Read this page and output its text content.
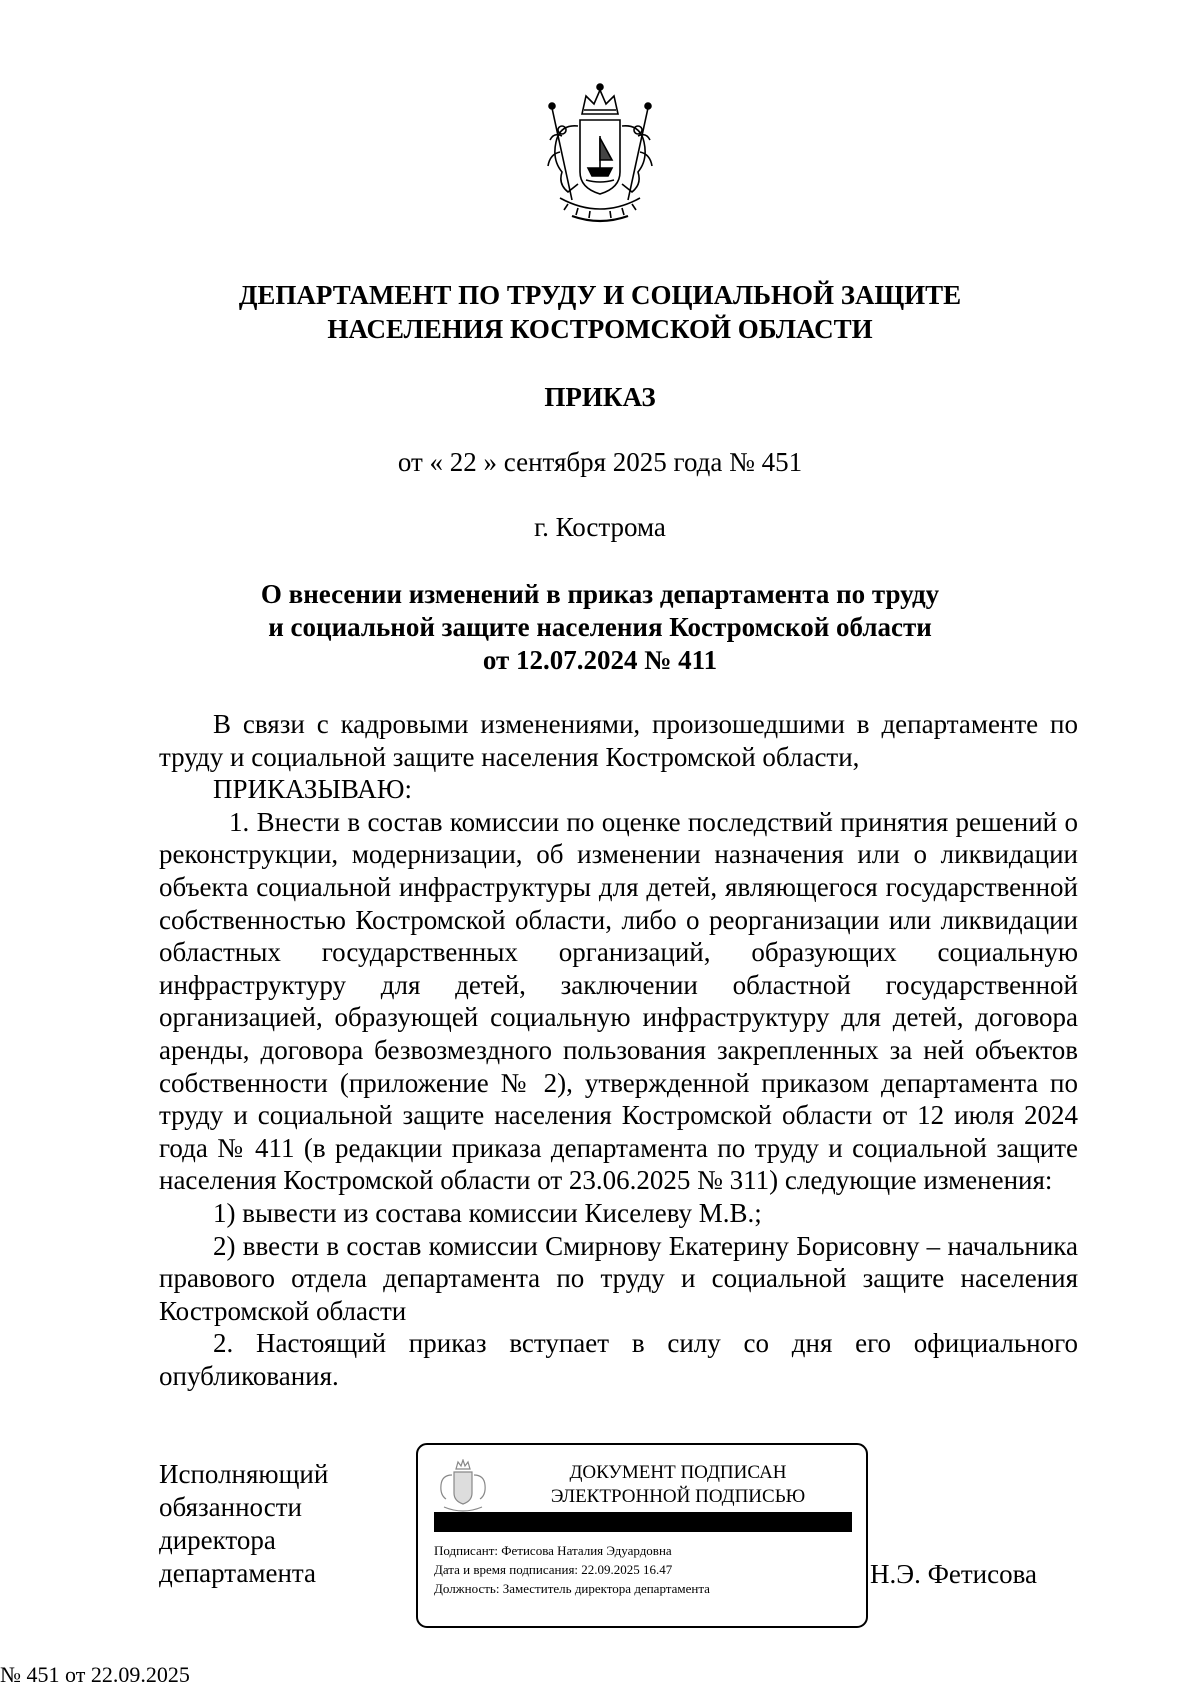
ДЕПАРТАМЕНТ ПО ТРУДУ И СОЦИАЛЬНОЙ ЗАЩИТЕ

НАСЕЛЕНИЯ КОСТРОМСКОЙ ОБЛАСТИ

ПРИКАЗ

от « 22 » сентября 2025 года № 451

г. Кострома

О внесении изменений в приказ департамента по труду
и социальной защите населения Костромской области
от 12.07.2024 № 411

В связи с кадровыми изменениями, произошедшими в департаменте по труду и социальной защите населения Костромской области,

ПРИКАЗЫВАЮ:

1. Внести в состав комиссии по оценке последствий принятия решений о реконструкции, модернизации, об изменении назначения или о ликвидации объекта социальной инфраструктуры для детей, являющегося государственной собственностью Костромской области, либо о реорганизации или ликвидации областных государственных организаций, образующих социальную инфраструктуру для детей, заключении областной государственной организацией, образующей социальную инфраструктуру для детей, договора аренды, договора безвозмездного пользования закрепленных за ней объектов собственности (приложение № 2), утвержденной приказом департамента по труду и социальной защите населения Костромской области от 12 июля 2024 года № 411 (в редакции приказа департамента по труду и социальной защите населения Костромской области от 23.06.2025 № 311) следующие изменения:

1) вывести из состава комиссии Киселеву М.В.;

2) ввести в состав комиссии Смирнову Екатерину Борисовну – начальника правового отдела департамента по труду и социальной защите населения Костромской области

2. Настоящий приказ вступает в силу со дня его официального опубликования.

Исполняющий
обязанности
директора
департамента	Н.Э. Фетисова

ДОКУМЕНТ ПОДПИСАН
ЭЛЕКТРОННОЙ ПОДПИСЬЮ
Подписант: Фетисова Наталия Эдуардовна
Дата и время подписания: 22.09.2025 16.47
Должность: Заместитель директора департамента

№ 451 от 22.09.2025
